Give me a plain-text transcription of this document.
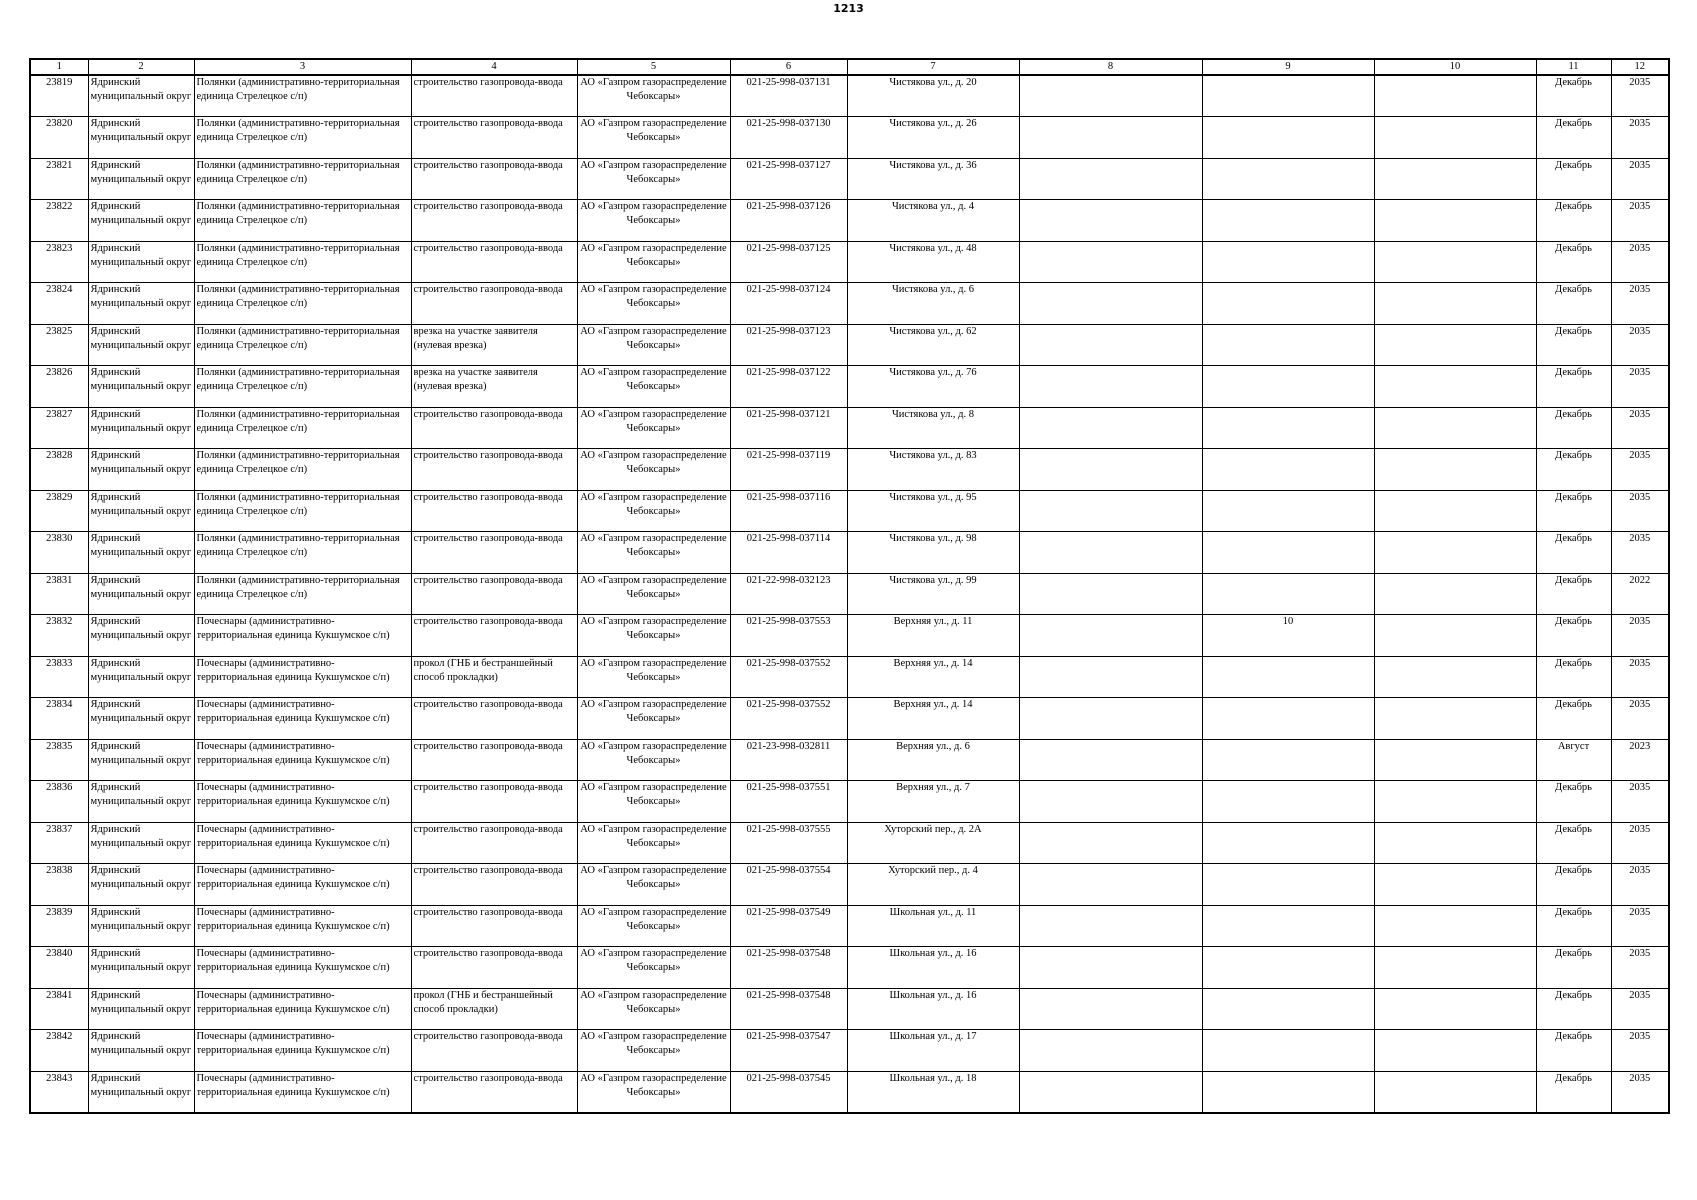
1213
1	2	3	4	5	6	7	8	9	10	11	12

23819	Ядринский муниципальный округ	Полянки (административно-территориальная единица Стрелецкое с/п)	строительство газопровода-ввода	АО «Газпром газораспределение Чебоксары»	021-25-998-037131	Чистякова ул., д. 20				Декабрь	2035

23820	Ядринский муниципальный округ	Полянки (административно-территориальная единица Стрелецкое с/п)	строительство газопровода-ввода	АО «Газпром газораспределение Чебоксары»	021-25-998-037130	Чистякова ул., д. 26				Декабрь	2035

23821	Ядринский муниципальный округ	Полянки (административно-территориальная единица Стрелецкое с/п)	строительство газопровода-ввода	АО «Газпром газораспределение Чебоксары»	021-25-998-037127	Чистякова ул., д. 36				Декабрь	2035

23822	Ядринский муниципальный округ	Полянки (административно-территориальная единица Стрелецкое с/п)	строительство газопровода-ввода	АО «Газпром газораспределение Чебоксары»	021-25-998-037126	Чистякова ул., д. 4				Декабрь	2035

23823	Ядринский муниципальный округ	Полянки (административно-территориальная единица Стрелецкое с/п)	строительство газопровода-ввода	АО «Газпром газораспределение Чебоксары»	021-25-998-037125	Чистякова ул., д. 48				Декабрь	2035

23824	Ядринский муниципальный округ	Полянки (административно-территориальная единица Стрелецкое с/п)	строительство газопровода-ввода	АО «Газпром газораспределение Чебоксары»	021-25-998-037124	Чистякова ул., д. 6				Декабрь	2035

23825	Ядринский муниципальный округ	Полянки (административно-территориальная единица Стрелецкое с/п)	врезка на участке заявителя (нулевая врезка)	АО «Газпром газораспределение Чебоксары»	021-25-998-037123	Чистякова ул., д. 62				Декабрь	2035

23826	Ядринский муниципальный округ	Полянки (административно-территориальная единица Стрелецкое с/п)	врезка на участке заявителя (нулевая врезка)	АО «Газпром газораспределение Чебоксары»	021-25-998-037122	Чистякова ул., д. 76				Декабрь	2035

23827	Ядринский муниципальный округ	Полянки (административно-территориальная единица Стрелецкое с/п)	строительство газопровода-ввода	АО «Газпром газораспределение Чебоксары»	021-25-998-037121	Чистякова ул., д. 8				Декабрь	2035

23828	Ядринский муниципальный округ	Полянки (административно-территориальная единица Стрелецкое с/п)	строительство газопровода-ввода	АО «Газпром газораспределение Чебоксары»	021-25-998-037119	Чистякова ул., д. 83				Декабрь	2035

23829	Ядринский муниципальный округ	Полянки (административно-территориальная единица Стрелецкое с/п)	строительство газопровода-ввода	АО «Газпром газораспределение Чебоксары»	021-25-998-037116	Чистякова ул., д. 95				Декабрь	2035

23830	Ядринский муниципальный округ	Полянки (административно-территориальная единица Стрелецкое с/п)	строительство газопровода-ввода	АО «Газпром газораспределение Чебоксары»	021-25-998-037114	Чистякова ул., д. 98				Декабрь	2035

23831	Ядринский муниципальный округ	Полянки (административно-территориальная единица Стрелецкое с/п)	строительство газопровода-ввода	АО «Газпром газораспределение Чебоксары»	021-22-998-032123	Чистякова ул., д. 99				Декабрь	2022

23832	Ядринский муниципальный округ	Почеснары (административно-территориальная единица Кукшумское с/п)	строительство газопровода-ввода	АО «Газпром газораспределение Чебоксары»	021-25-998-037553	Верхняя ул., д. 11		10		Декабрь	2035

23833	Ядринский муниципальный округ	Почеснары (административно-территориальная единица Кукшумское с/п)	прокол (ГНБ и бестраншейный способ прокладки)	АО «Газпром газораспределение Чебоксары»	021-25-998-037552	Верхняя ул., д. 14				Декабрь	2035

23834	Ядринский муниципальный округ	Почеснары (административно-территориальная единица Кукшумское с/п)	строительство газопровода-ввода	АО «Газпром газораспределение Чебоксары»	021-25-998-037552	Верхняя ул., д. 14				Декабрь	2035

23835	Ядринский муниципальный округ	Почеснары (административно-территориальная единица Кукшумское с/п)	строительство газопровода-ввода	АО «Газпром газораспределение Чебоксары»	021-23-998-032811	Верхняя ул., д. 6				Август	2023

23836	Ядринский муниципальный округ	Почеснары (административно-территориальная единица Кукшумское с/п)	строительство газопровода-ввода	АО «Газпром газораспределение Чебоксары»	021-25-998-037551	Верхняя ул., д. 7				Декабрь	2035

23837	Ядринский муниципальный округ	Почеснары (административно-территориальная единица Кукшумское с/п)	строительство газопровода-ввода	АО «Газпром газораспределение Чебоксары»	021-25-998-037555	Хуторский пер., д. 2А				Декабрь	2035

23838	Ядринский муниципальный округ	Почеснары (административно-территориальная единица Кукшумское с/п)	строительство газопровода-ввода	АО «Газпром газораспределение Чебоксары»	021-25-998-037554	Хуторский пер., д. 4				Декабрь	2035

23839	Ядринский муниципальный округ	Почеснары (административно-территориальная единица Кукшумское с/п)	строительство газопровода-ввода	АО «Газпром газораспределение Чебоксары»	021-25-998-037549	Школьная ул., д. 11				Декабрь	2035

23840	Ядринский муниципальный округ	Почеснары (административно-территориальная единица Кукшумское с/п)	строительство газопровода-ввода	АО «Газпром газораспределение Чебоксары»	021-25-998-037548	Школьная ул., д. 16				Декабрь	2035

23841	Ядринский муниципальный округ	Почеснары (административно-территориальная единица Кукшумское с/п)	прокол (ГНБ и бестраншейный способ прокладки)	АО «Газпром газораспределение Чебоксары»	021-25-998-037548	Школьная ул., д. 16				Декабрь	2035

23842	Ядринский муниципальный округ	Почеснары (административно-территориальная единица Кукшумское с/п)	строительство газопровода-ввода	АО «Газпром газораспределение Чебоксары»	021-25-998-037547	Школьная ул., д. 17				Декабрь	2035

23843	Ядринский муниципальный округ	Почеснары (административно-территориальная единица Кукшумское с/п)	строительство газопровода-ввода	АО «Газпром газораспределение Чебоксары»	021-25-998-037545	Школьная ул., д. 18				Декабрь	2035
